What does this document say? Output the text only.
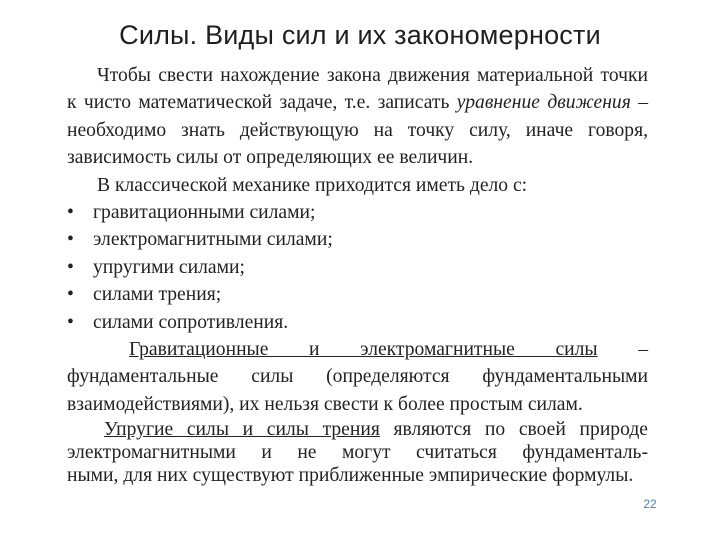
Силы. Виды сил и их закономерности

Чтобы свести нахождение закона движения материальной точки к чисто математической задаче, т.е. записать уравнение движения – необходимо знать действующую на точку силу, иначе говоря, зависимость силы от определяющих ее величин.

В классической механике приходится иметь дело с:

• гравитационными силами;
• электромагнитными силами;
• упругими силами;
• силами трения;
• силами сопротивления.

Гравитационные и электромагнитные силы – фундаментальные силы (определяются фундаментальными взаимодействиями), их нельзя свести к более простым силам.

Упругие силы и силы трения являются по своей природе электромагнитными и не могут считаться фундаменталь-

ными, для них существуют приближенные эмпирические формулы.

22
